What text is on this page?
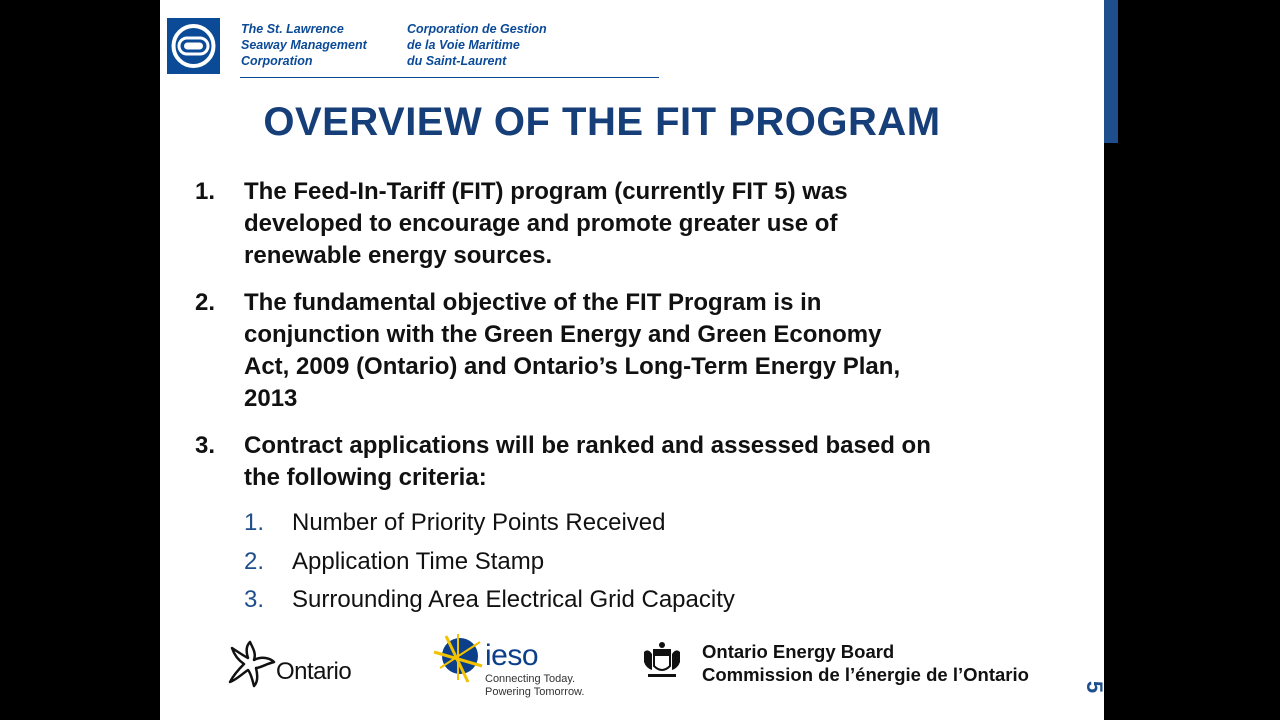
The St. Lawrence
Seaway Management
Corporation
Corporation de Gestion
de la Voie Maritime
du Saint-Laurent
OVERVIEW OF THE FIT PROGRAM
1.	The Feed-In-Tariff (FIT) program (currently FIT 5) was
developed to encourage and promote greater use of
renewable energy sources.
2.	The fundamental objective of the FIT Program is in
conjunction with the Green Energy and Green Economy
Act, 2009 (Ontario) and Ontario’s Long-Term Energy Plan,
2013
3.	Contract applications will be ranked and assessed based on
the following criteria:
1. Number of Priority Points Received
2. Application Time Stamp
3. Surrounding Area Electrical Grid Capacity
Ontario	ieso
Connecting Today.
Powering Tomorrow.
Ontario Energy Board
Commission de l’énergie de l’Ontario
5
